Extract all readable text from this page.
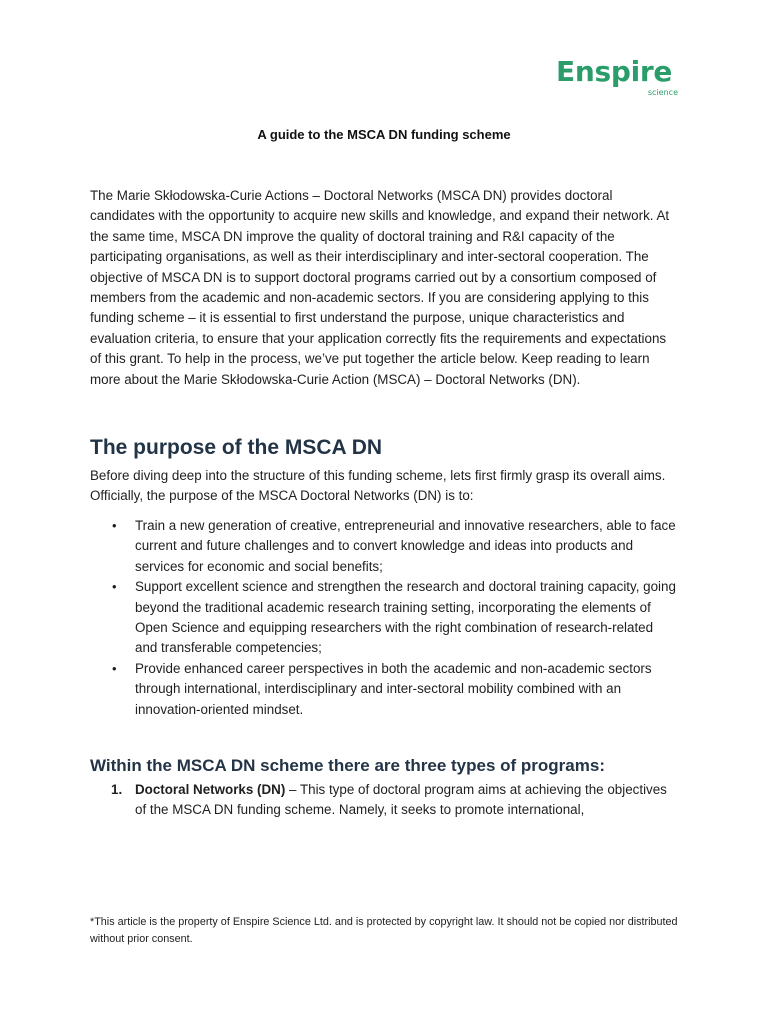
Enspire
science
A guide to the MSCA DN funding scheme

The Marie Skłodowska-Curie Actions – Doctoral Networks (MSCA DN) provides doctoral candidates with the opportunity to acquire new skills and knowledge, and expand their network. At the same time, MSCA DN improve the quality of doctoral training and R&I capacity of the participating organisations, as well as their interdisciplinary and inter-sectoral cooperation. The objective of MSCA DN is to support doctoral programs carried out by a consortium composed of members from the academic and non-academic sectors. If you are considering applying to this funding scheme – it is essential to first understand the purpose, unique characteristics and evaluation criteria, to ensure that your application correctly fits the requirements and expectations of this grant. To help in the process, we’ve put together the article below. Keep reading to learn more about the Marie Skłodowska-Curie Action (MSCA) – Doctoral Networks (DN).

The purpose of the MSCA DN

Before diving deep into the structure of this funding scheme, lets first firmly grasp its overall aims. Officially, the purpose of the MSCA Doctoral Networks (DN) is to:

• Train a new generation of creative, entrepreneurial and innovative researchers, able to face current and future challenges and to convert knowledge and ideas into products and services for economic and social benefits;
• Support excellent science and strengthen the research and doctoral training capacity, going beyond the traditional academic research training setting, incorporating the elements of Open Science and equipping researchers with the right combination of research-related and transferable competencies;
• Provide enhanced career perspectives in both the academic and non-academic sectors through international, interdisciplinary and inter-sectoral mobility combined with an innovation-oriented mindset.
Within the MSCA DN scheme there are three types of programs:
1. Doctoral Networks (DN) – This type of doctoral program aims at achieving the objectives of the MSCA DN funding scheme. Namely, it seeks to promote international,
*This article is the property of Enspire Science Ltd. and is protected by copyright law. It should not be copied nor distributed without prior consent.
